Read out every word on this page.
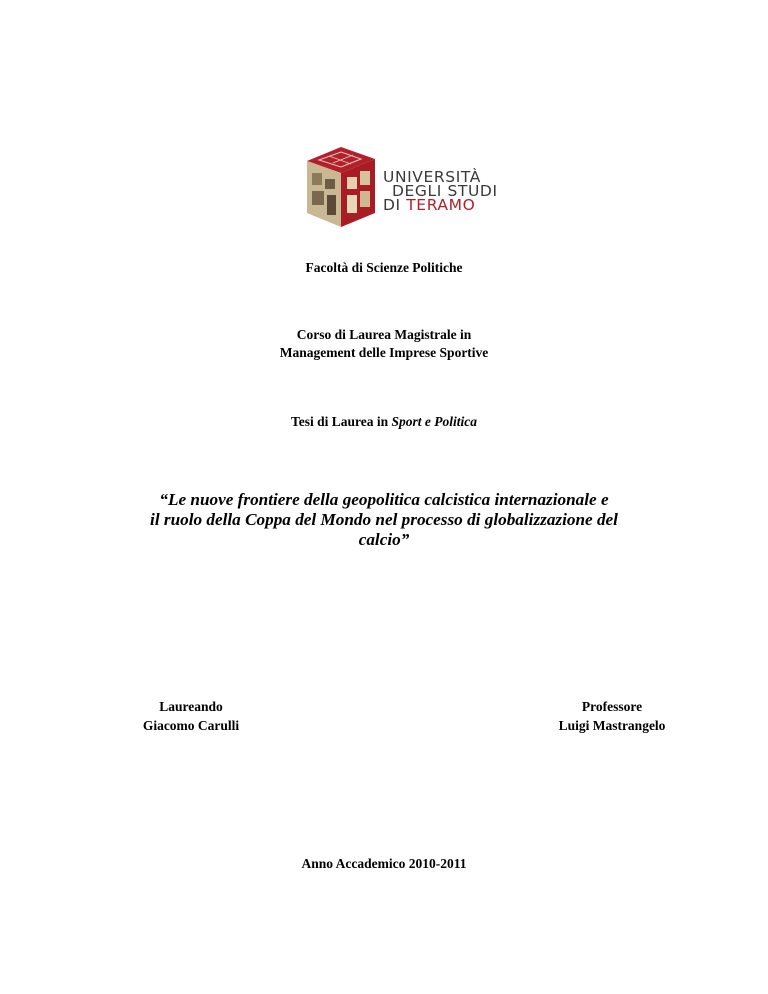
UNIVERSITÀ
DEGLI STUDI
DI TERAMO
Facoltà di Scienze Politiche
Corso di Laurea Magistrale in
Management delle Imprese Sportive
Tesi di Laurea in Sport e Politica
“Le nuove frontiere della geopolitica calcistica internazionale e
il ruolo della Coppa del Mondo nel processo di globalizzazione del
calcio”
Laureando
Giacomo Carulli
Professore
Luigi Mastrangelo
Anno Accademico 2010-2011
